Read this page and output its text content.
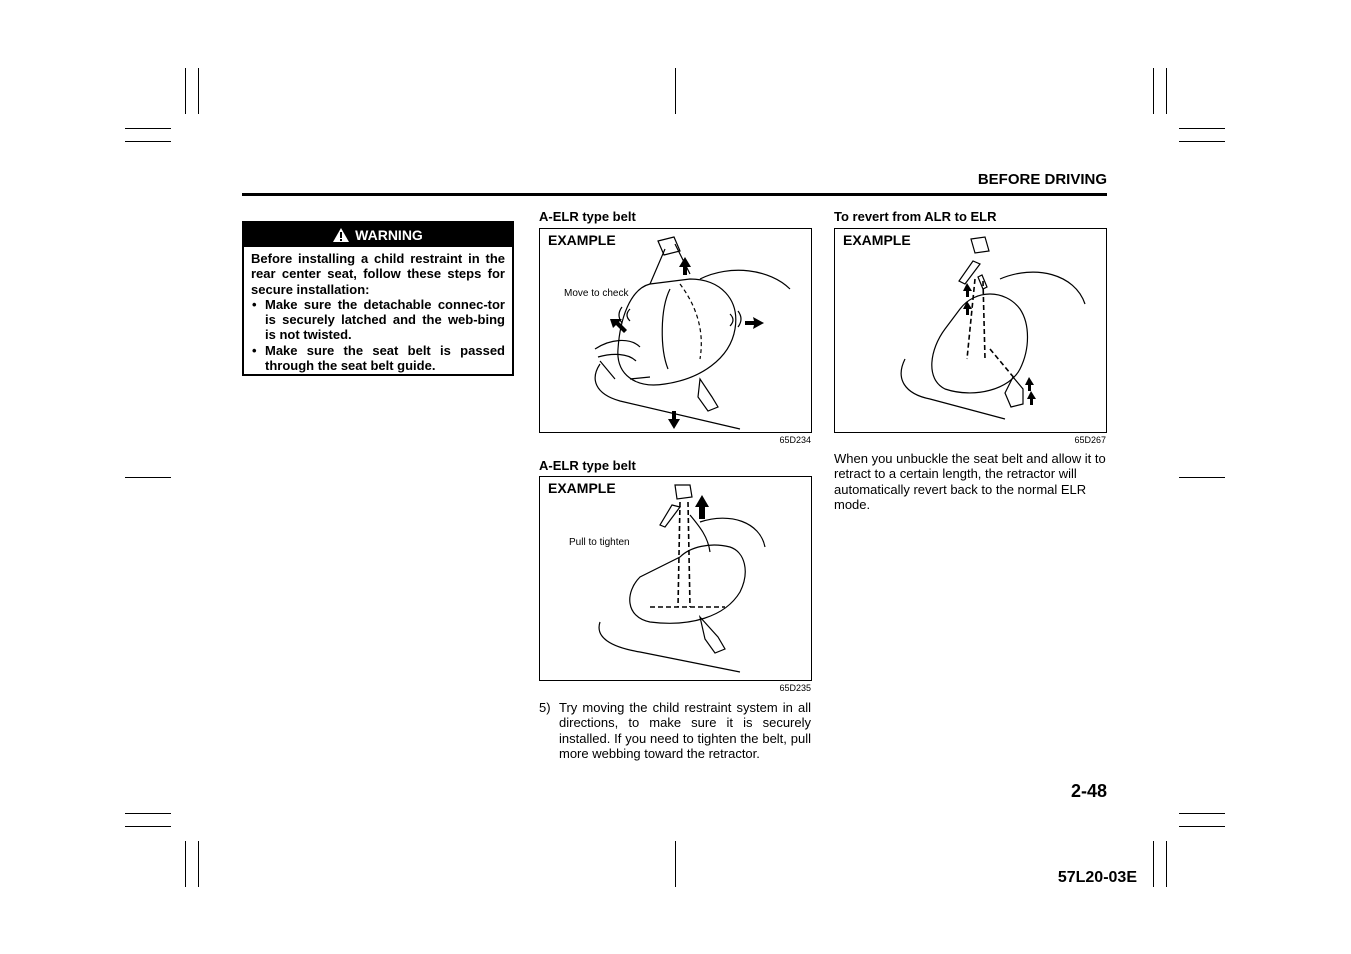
BEFORE DRIVING
WARNING
Before installing a child restraint in the rear center seat, follow these steps for secure installation:
• Make sure the detachable connec-tor is securely latched and the web-bing is not twisted.
• Make sure the seat belt is passed through the seat belt guide.
A-ELR type belt
EXAMPLE
Move to check
65D234
A-ELR type belt
EXAMPLE
Pull to tighten
65D235
5) Try moving the child restraint system in all directions, to make sure it is securely installed. If you need to tighten the belt, pull more webbing toward the retractor.
To revert from ALR to ELR
EXAMPLE
65D267
When you unbuckle the seat belt and allow it to retract to a certain length, the retractor will automatically revert back to the normal ELR mode.
2-48
57L20-03E
